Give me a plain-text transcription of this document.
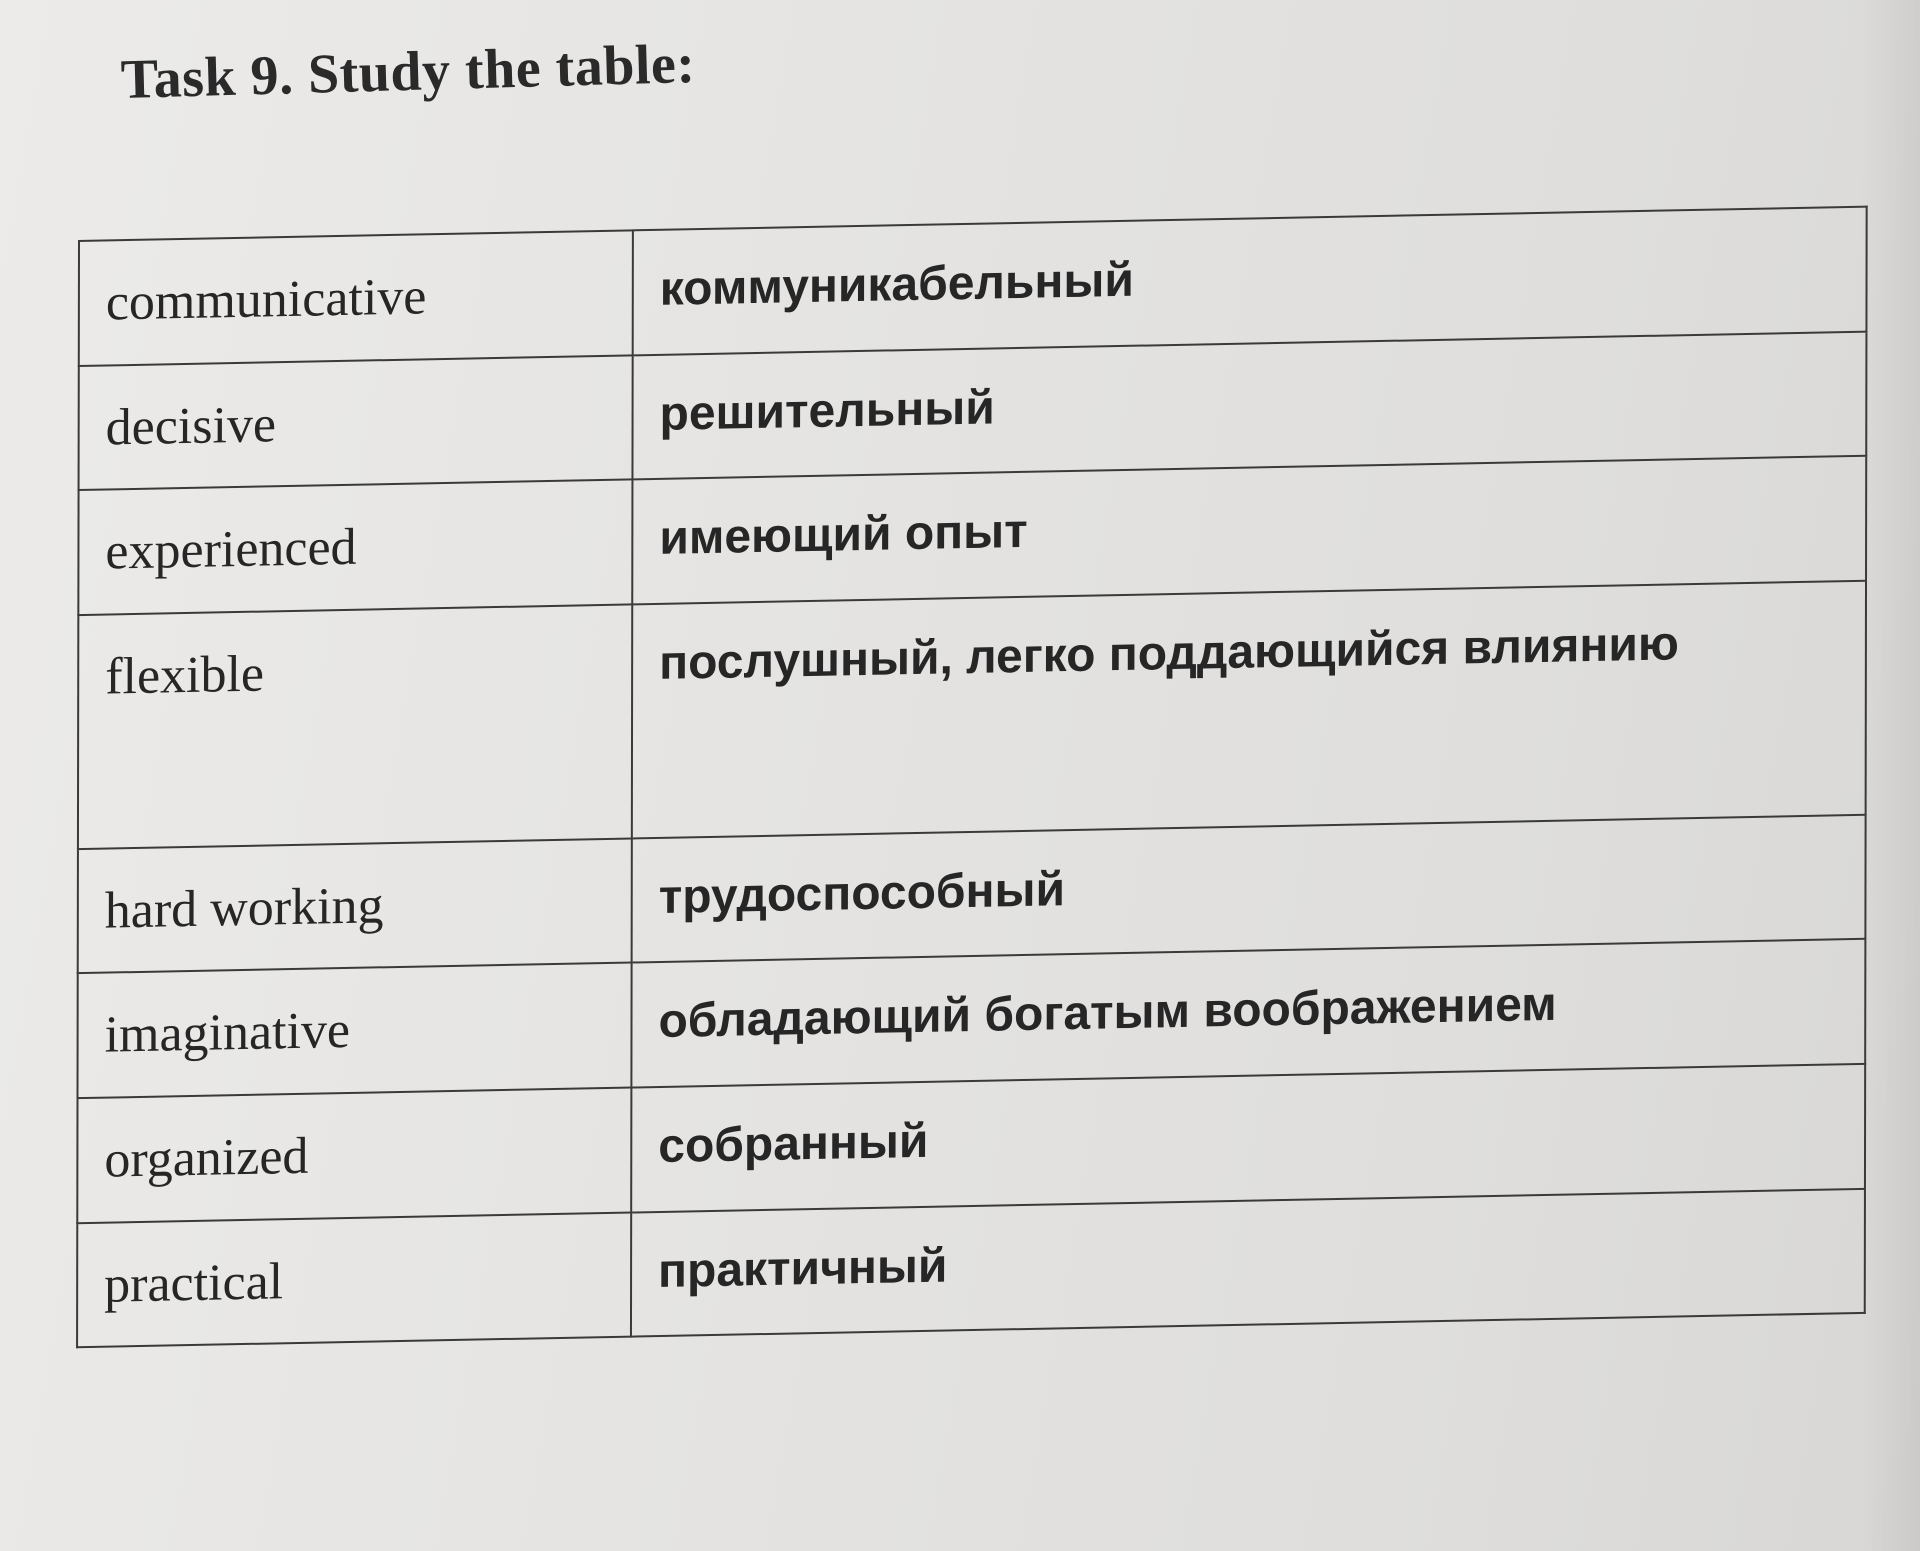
Task 9. Study the table:
communicative	коммуникабельный
decisive	решительный
experienced	имеющий опыт
flexible	послушный, легко поддающийся влиянию
hard working	трудоспособный
imaginative	обладающий богатым воображением
organized	собранный
practical	практичный
